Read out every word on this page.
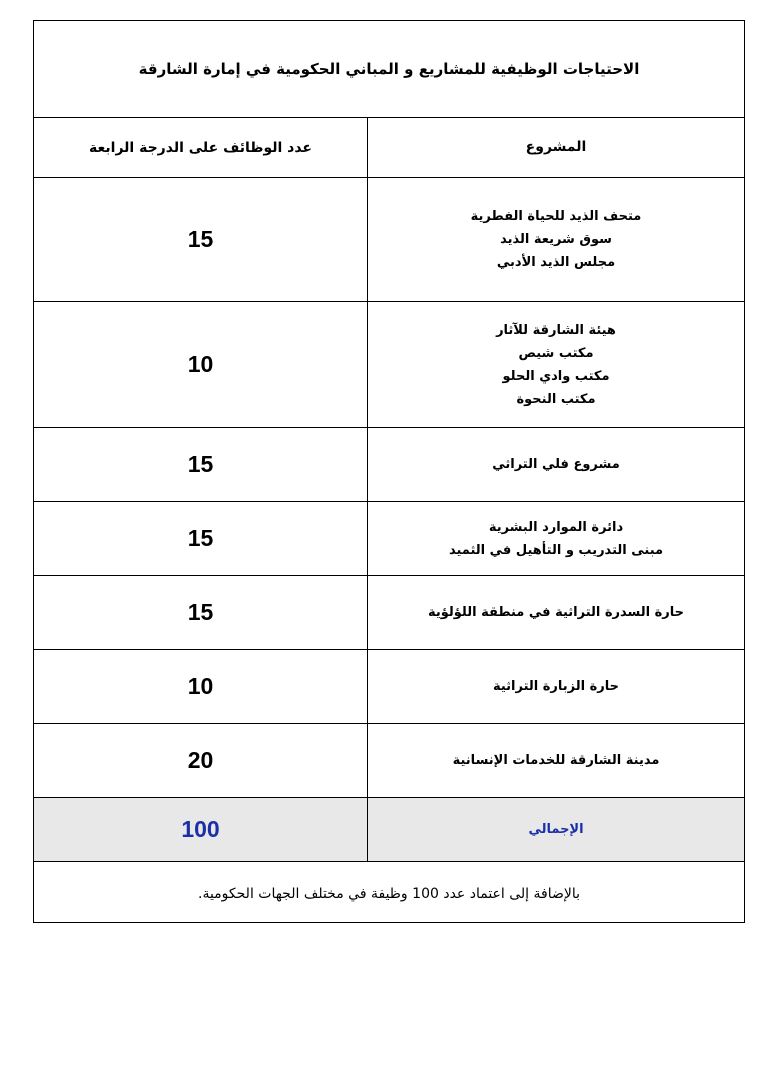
الاحتياجات الوظيفية للمشاريع و المباني الحكومية في إمارة الشارقة
المشروع
عدد الوظائف على الدرجة الرابعة
متحف الذيد للحياة الفطرية
سوق شريعة الذيد
مجلس الذيد الأدبي
15
هيئة الشارقة للآثار
مكتب شيص
مكتب وادي الحلو
مكتب النحوة
10
مشروع فلي التراثي
15
دائرة الموارد البشرية
مبنى التدريب و التأهيل في الثميد
15
حارة السدرة التراثية في منطقة اللؤلؤية
15
حارة الزبارة التراثية
10
مدينة الشارقة للخدمات الإنسانية
20
الإجمالي
100
بالإضافة إلى اعتماد عدد 100 وظيفة في مختلف الجهات الحكومية.
